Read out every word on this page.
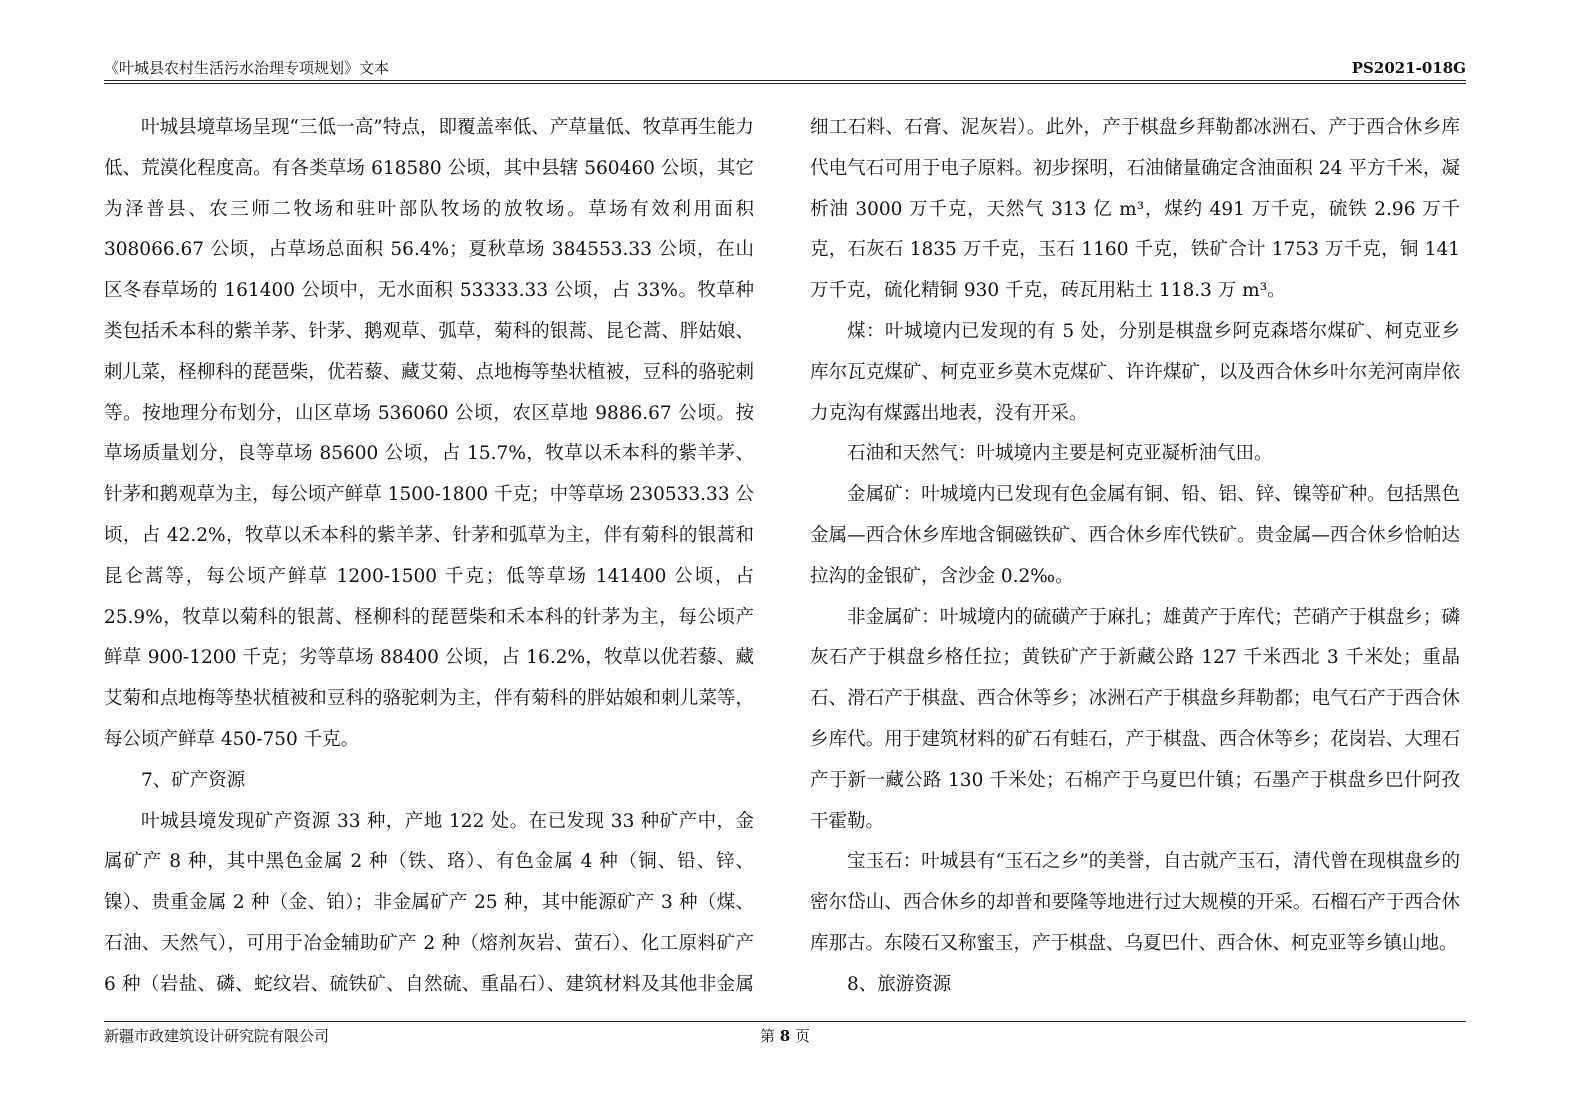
《叶城县农村生活污水治理专项规划》文本	PS2021-018G

叶城县境草场呈现“三低一高”特点，即覆盖率低、产草量低、牧草再生能力低、荒漠化程度高。有各类草场 618580 公顷，其中县辖 560460 公顷，其它为泽普县、农三师二牧场和驻叶部队牧场的放牧场。草场有效利用面积 308066.67 公顷，占草场总面积 56.4%；夏秋草场 384553.33 公顷，在山区冬春草场的 161400 公顷中，无水面积 53333.33 公顷，占 33%。牧草种类包括禾本科的紫羊茅、针茅、鹅观草、弧草，菊科的银蒿、昆仑蒿、胖姑娘、刺儿菜，柽柳科的琵琶柴，优若藜、藏艾菊、点地梅等垫状植被，豆科的骆驼刺等。按地理分布划分，山区草场 536060 公顷，农区草地 9886.67 公顷。按草场质量划分，良等草场 85600 公顷，占 15.7%，牧草以禾本科的紫羊茅、针茅和鹅观草为主，每公顷产鲜草 1500-1800 千克；中等草场 230533.33 公顷，占 42.2%，牧草以禾本科的紫羊茅、针茅和弧草为主，伴有菊科的银蒿和昆仑蒿等，每公顷产鲜草 1200-1500 千克；低等草场 141400 公顷，占 25.9%，牧草以菊科的银蒿、柽柳科的琵琶柴和禾本科的针茅为主，每公顷产鲜草 900-1200 千克；劣等草场 88400 公顷，占 16.2%，牧草以优若藜、藏艾菊和点地梅等垫状植被和豆科的骆驼刺为主，伴有菊科的胖姑娘和刺儿菜等，每公顷产鲜草 450-750 千克。

7、矿产资源

叶城县境发现矿产资源 33 种，产地 122 处。在已发现 33 种矿产中，金属矿产 8 种，其中黑色金属 2 种（铁、珞）、有色金属 4 种（铜、铅、锌、镍）、贵重金属 2 种（金、铂）；非金属矿产 25 种，其中能源矿产 3 种（煤、石油、天然气），可用于冶金辅助矿产 2 种（熔剂灰岩、萤石）、化工原料矿产 6 种（岩盐、磷、蛇纹岩、硫铁矿、自然硫、重晶石）、建筑材料及其他非金属

细工石料、石膏、泥灰岩）。此外，产于棋盘乡拜勒都冰洲石、产于西合休乡库代电气石可用于电子原料。初步探明，石油储量确定含油面积 24 平方千米，凝析油 3000 万千克，天然气 313 亿 m³，煤约 491 万千克，硫铁 2.96 万千克，石灰石 1835 万千克，玉石 1160 千克，铁矿合计 1753 万千克，铜 141 万千克，硫化精铜 930 千克，砖瓦用粘土 118.3 万 m³。

煤：叶城境内已发现的有 5 处，分别是棋盘乡阿克森塔尔煤矿、柯克亚乡库尔瓦克煤矿、柯克亚乡莫木克煤矿、许许煤矿，以及西合休乡叶尔羌河南岸依力克沟有煤露出地表，没有开采。

石油和天然气：叶城境内主要是柯克亚凝析油气田。

金属矿：叶城境内已发现有色金属有铜、铅、铝、锌、镍等矿种。包括黑色金属—西合休乡库地含铜磁铁矿、西合休乡库代铁矿。贵金属—西合休乡恰帕达拉沟的金银矿，含沙金 0.2‰。

非金属矿：叶城境内的硫磺产于麻扎；雄黄产于库代；芒硝产于棋盘乡；磷灰石产于棋盘乡格任拉；黄铁矿产于新藏公路 127 千米西北 3 千米处；重晶石、滑石产于棋盘、西合休等乡；冰洲石产于棋盘乡拜勒都；电气石产于西合休乡库代。用于建筑材料的矿石有蛙石，产于棋盘、西合休等乡；花岗岩、大理石产于新一藏公路 130 千米处；石棉产于乌夏巴什镇；石墨产于棋盘乡巴什阿孜干霍勒。

宝玉石：叶城县有“玉石之乡”的美誉，自古就产玉石，清代曾在现棋盘乡的密尔岱山、西合休乡的却普和要隆等地进行过大规模的开采。石榴石产于西合休库那古。东陵石又称蜜玉，产于棋盘、乌夏巴什、西合休、柯克亚等乡镇山地。

8、旅游资源

新疆市政建筑设计研究院有限公司	第 8 页
